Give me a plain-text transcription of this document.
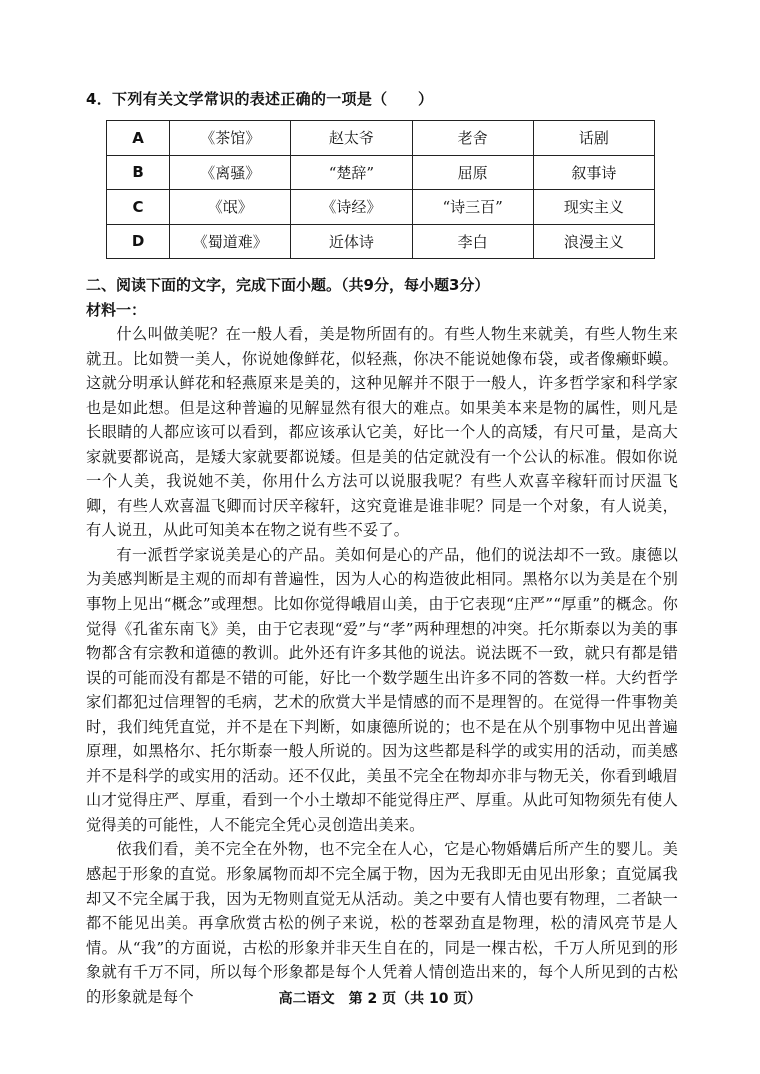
4．下列有关文学常识的表述正确的一项是（　　）
A	《茶馆》	赵太爷	老舍	话剧
B	《离骚》	“楚辞”	屈原	叙事诗
C	《氓》	《诗经》	“诗三百”	现实主义
D	《蜀道难》	近体诗	李白	浪漫主义
二、阅读下面的文字，完成下面小题。（共9分，每小题3分）
材料一：

什么叫做美呢？在一般人看，美是物所固有的。有些人物生来就美，有些人物生来就丑。比如赞一美人，你说她像鲜花，似轻燕，你决不能说她像布袋，或者像癞虾蟆。这就分明承认鲜花和轻燕原来是美的，这种见解并不限于一般人，许多哲学家和科学家也是如此想。但是这种普遍的见解显然有很大的难点。如果美本来是物的属性，则凡是长眼睛的人都应该可以看到，都应该承认它美，好比一个人的高矮，有尺可量，是高大家就要都说高，是矮大家就要都说矮。但是美的估定就没有一个公认的标准。假如你说一个人美，我说她不美，你用什么方法可以说服我呢？有些人欢喜辛稼轩而讨厌温飞卿，有些人欢喜温飞卿而讨厌辛稼轩，这究竟谁是谁非呢？同是一个对象，有人说美，有人说丑，从此可知美本在物之说有些不妥了。

有一派哲学家说美是心的产品。美如何是心的产品，他们的说法却不一致。康德以为美感判断是主观的而却有普遍性，因为人心的构造彼此相同。黑格尔以为美是在个别事物上见出“概念”或理想。比如你觉得峨眉山美，由于它表现“庄严”“厚重”的概念。你觉得《孔雀东南飞》美，由于它表现“爱”与“孝”两种理想的冲突。托尔斯泰以为美的事物都含有宗教和道德的教训。此外还有许多其他的说法。说法既不一致，就只有都是错误的可能而没有都是不错的可能，好比一个数学题生出许多不同的答数一样。大约哲学家们都犯过信理智的毛病，艺术的欣赏大半是情感的而不是理智的。在觉得一件事物美时，我们纯凭直觉，并不是在下判断，如康德所说的；也不是在从个别事物中见出普遍原理，如黑格尔、托尔斯泰一般人所说的。因为这些都是科学的或实用的活动，而美感并不是科学的或实用的活动。还不仅此，美虽不完全在物却亦非与物无关，你看到峨眉山才觉得庄严、厚重，看到一个小土墩却不能觉得庄严、厚重。从此可知物须先有使人觉得美的可能性，人不能完全凭心灵创造出美来。

依我们看，美不完全在外物，也不完全在人心，它是心物婚媾后所产生的婴儿。美感起于形象的直觉。形象属物而却不完全属于物，因为无我即无由见出形象；直觉属我却又不完全属于我，因为无物则直觉无从活动。美之中要有人情也要有物理，二者缺一都不能见出美。再拿欣赏古松的例子来说，松的苍翠劲直是物理，松的清风亮节是人情。从“我”的方面说，古松的形象并非天生自在的，同是一棵古松，千万人所见到的形象就有千万不同，所以每个形象都是每个人凭着人情创造出来的，每个人所见到的古松的形象就是每个	高二语文　第 2 页（共 10 页）
